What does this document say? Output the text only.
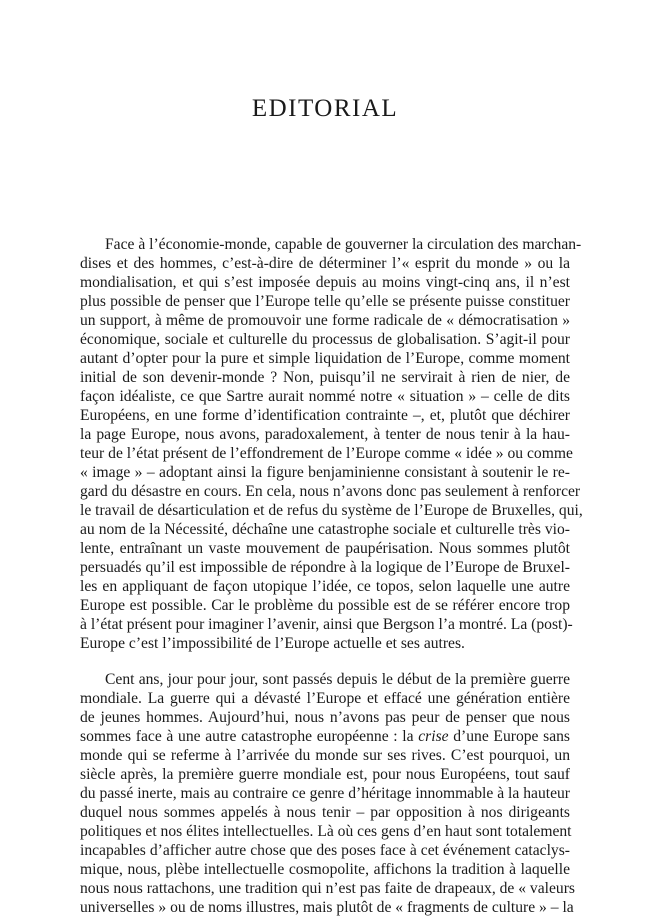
EDITORIAL

Face à l’économie-monde, capable de gouverner la circulation des marchan-

dises et des hommes, c’est-à-dire de déterminer l’« esprit du monde » ou la

mondialisation, et qui s’est imposée depuis au moins vingt-cinq ans, il n’est

plus possible de penser que l’Europe telle qu’elle se présente puisse constituer

un support, à même de promouvoir une forme radicale de « démocratisation »

économique, sociale et culturelle du processus de globalisation. S’agit-il pour

autant d’opter pour la pure et simple liquidation de l’Europe, comme moment

initial de son devenir-monde ? Non, puisqu’il ne servirait à rien de nier, de

façon idéaliste, ce que Sartre aurait nommé notre « situation » – celle de dits

Européens, en une forme d’identification contrainte –, et, plutôt que déchirer

la page Europe, nous avons, paradoxalement, à tenter de nous tenir à la hau-

teur de l’état présent de l’effondrement de l’Europe comme « idée » ou comme

« image » – adoptant ainsi la figure benjaminienne consistant à soutenir le re-

gard du désastre en cours. En cela, nous n’avons donc pas seulement à renforcer

le travail de désarticulation et de refus du système de l’Europe de Bruxelles, qui,

au nom de la Nécessité, déchaîne une catastrophe sociale et culturelle très vio-

lente, entraînant un vaste mouvement de paupérisation. Nous sommes plutôt

persuadés qu’il est impossible de répondre à la logique de l’Europe de Bruxel-

les en appliquant de façon utopique l’idée, ce topos, selon laquelle une autre

Europe est possible. Car le problème du possible est de se référer encore trop

à l’état présent pour imaginer l’avenir, ainsi que Bergson l’a montré. La (post)-

Europe c’est l’impossibilité de l’Europe actuelle et ses autres.

Cent ans, jour pour jour, sont passés depuis le début de la première guerre

mondiale. La guerre qui a dévasté l’Europe et effacé une génération entière

de jeunes hommes. Aujourd’hui, nous n’avons pas peur de penser que nous

sommes face à une autre catastrophe européenne : la crise d’une Europe sans

monde qui se referme à l’arrivée du monde sur ses rives. C’est pourquoi, un

siècle après, la première guerre mondiale est, pour nous Européens, tout sauf

du passé inerte, mais au contraire ce genre d’héritage innommable à la hauteur

duquel nous sommes appelés à nous tenir – par opposition à nos dirigeants

politiques et nos élites intellectuelles. Là où ces gens d’en haut sont totalement

incapables d’afficher autre chose que des poses face à cet événement cataclys-

mique, nous, plèbe intellectuelle cosmopolite, affichons la tradition à laquelle

nous nous rattachons, une tradition qui n’est pas faite de drapeaux, de « valeurs

universelles » ou de noms illustres, mais plutôt de « fragments de culture » – la
